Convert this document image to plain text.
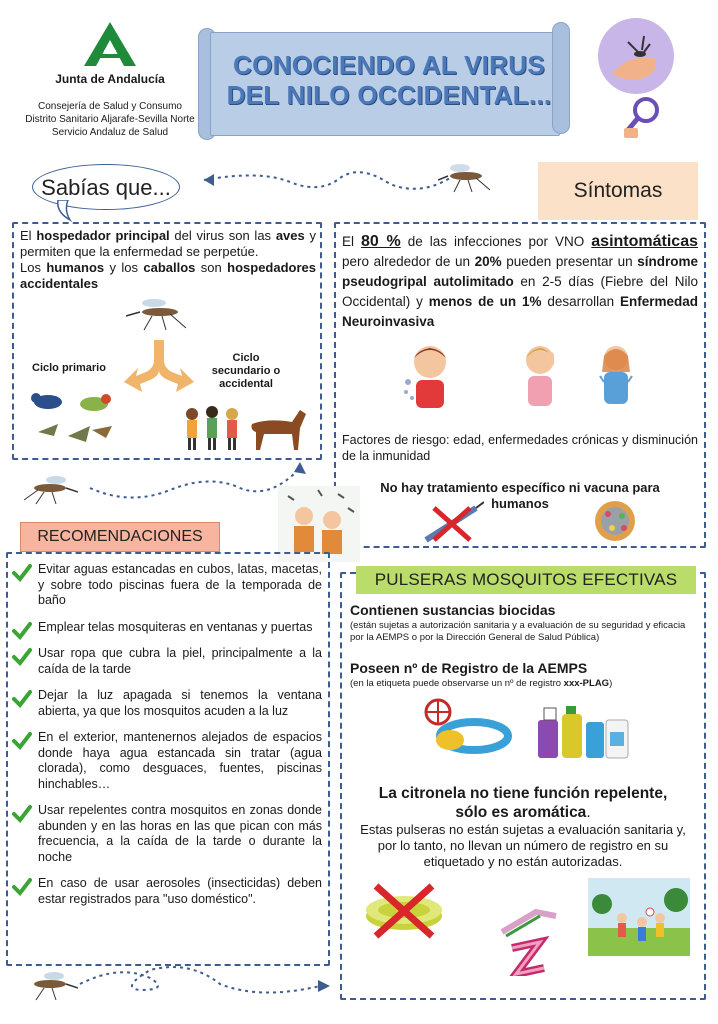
Junta de Andalucía
Consejería de Salud y Consumo
Distrito Sanitario Aljarafe-Sevilla Norte
Servicio Andaluz de Salud
CONOCIENDO AL VIRUS
DEL NILO OCCIDENTAL...
Sabías que...	Síntomas
El hospedador principal del virus son las aves y permiten que la enfermedad se perpetúe.
Los humanos y los caballos son hospedadores accidentales
Ciclo primario
Ciclo secundario o accidental
El 80 % de las infecciones por VNO asintomáticas pero alrededor de un 20% pueden presentar un síndrome pseudogripal autolimitado en 2-5 días (Fiebre del Nilo Occidental) y menos de un 1% desarrollan Enfermedad Neuroinvasiva
Factores de riesgo: edad, enfermedades crónicas y disminución de la inmunidad
No hay tratamiento específico ni vacuna para humanos
RECOMENDACIONES
Evitar aguas estancadas en cubos, latas, macetas, y sobre todo piscinas fuera de la temporada de baño
Emplear telas mosquiteras en ventanas y puertas
Usar ropa que cubra la piel, principalmente a la caída de la tarde
Dejar la luz apagada si tenemos la ventana abierta, ya que los mosquitos acuden a la luz
En el exterior, mantenernos alejados de espacios donde haya agua estancada sin tratar (agua clorada), como desguaces, fuentes, piscinas hinchables…
Usar repelentes contra mosquitos en zonas donde abunden y en las horas en las que pican con más frecuencia, a la caída de la tarde o durante la noche
En caso de usar aerosoles (insecticidas) deben estar registrados para "uso doméstico".
PULSERAS MOSQUITOS EFECTIVAS
Contienen sustancias biocidas
(están sujetas a autorización sanitaria y a evaluación de su seguridad y eficacia por la AEMPS o por la Dirección General de Salud Pública)
Poseen nº de Registro de la AEMPS
(en la etiqueta puede observarse un nº de registro xxx-PLAG)
La citronela no tiene función repelente,
sólo es aromática.
Estas pulseras no están sujetas a evaluación sanitaria y, por lo tanto, no llevan un número de registro en su etiquetado y no están autorizadas.
